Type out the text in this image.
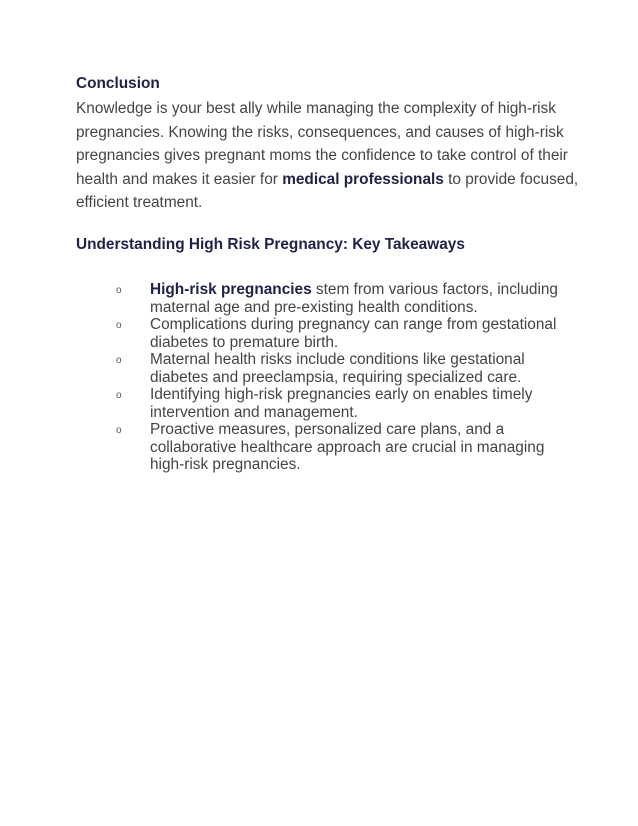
Conclusion

Knowledge is your best ally while managing the complexity of high-risk
pregnancies. Knowing the risks, consequences, and causes of high-risk
pregnancies gives pregnant moms the confidence to take control of their
health and makes it easier for medical professionals to provide focused,
efficient treatment.

Understanding High Risk Pregnancy: Key Takeaways
o High-risk pregnancies stem from various factors, including
maternal age and pre-existing health conditions.
o Complications during pregnancy can range from gestational
diabetes to premature birth.
o Maternal health risks include conditions like gestational
diabetes and preeclampsia, requiring specialized care.
o Identifying high-risk pregnancies early on enables timely
intervention and management.
o Proactive measures, personalized care plans, and a
collaborative healthcare approach are crucial in managing
high-risk pregnancies.
